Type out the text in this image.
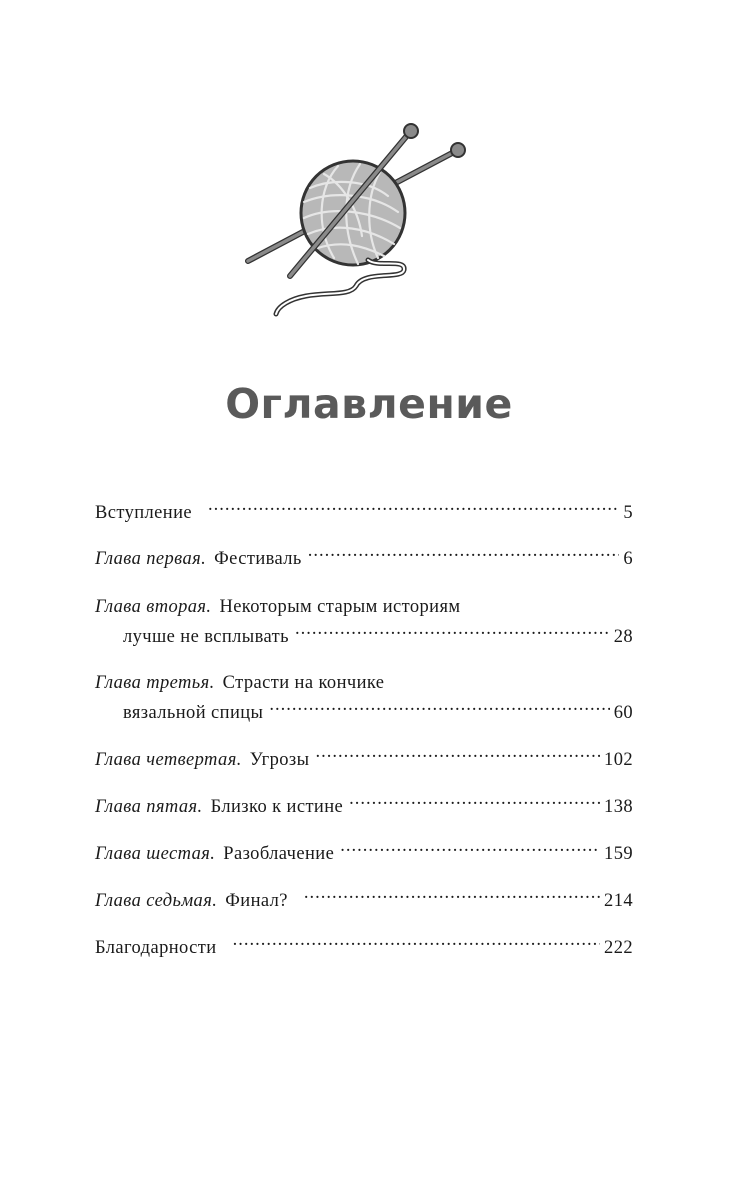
Оглавление
Вступление .....	5
Глава первая. Фестиваль .....	6
Глава вторая. Некоторым старым историям
лучше не всплывать .....	28
Глава третья. Страсти на кончике
вязальной спицы .....	60
Глава четвертая. Угрозы .....	102
Глава пятая. Близко к истине .....	138
Глава шестая. Разоблачение .....	159
Глава седьмая. Финал? .....	214
Благодарности .....	222
